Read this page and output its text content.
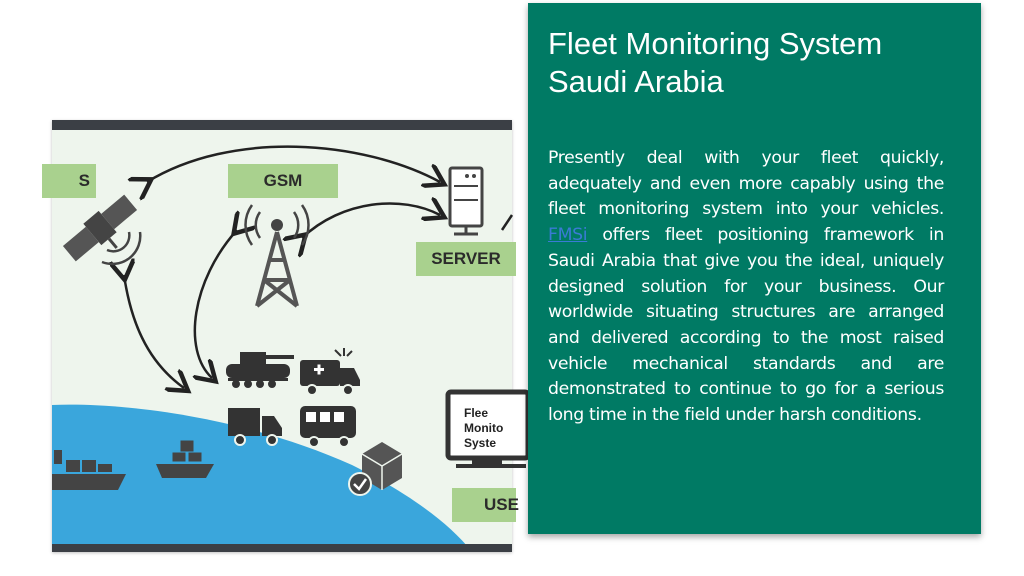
S	GSM
SERVER
USE
Flee
Monito
Syste
Fleet Monitoring System Saudi Arabia

Presently deal with your fleet quickly, adequately and even more capably using the fleet monitoring system into your vehicles. FMSi offers fleet positioning framework in Saudi Arabia that give you the ideal, uniquely designed solution for your business. Our worldwide situating structures are arranged and delivered according to the most raised vehicle mechanical standards and are demonstrated to continue to go for a serious long time in the field under harsh conditions.
